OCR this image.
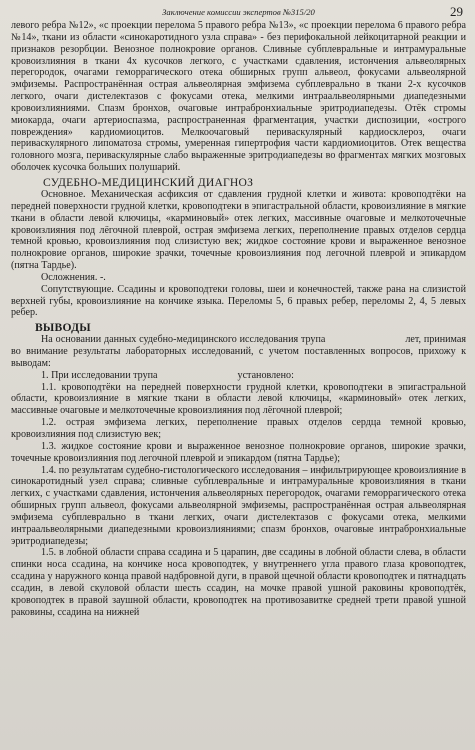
Заключение комиссии экспертов №315/20	29

левого ребра №12», «с проекции перелома 5 правого ребра №13», «с проекции перелома 6 правого ребра №14», ткани из области «синокаротидного узла справа» - без перифокальной лейкоцитарной реакции и признаков резорбции. Венозное полнокровие органов. Сливные субплевральные и интрамуральные кровоизлияния в ткани 4х кусочков легкого, с участками сдавления, истончения альвеолярных перегородок, очагами геморрагического отека обширных групп альвеол, фокусами альвеолярной эмфиземы. Распространённая острая альвеолярная эмфизема субплеврально в ткани 2-х кусочков легкого, очаги дистелектазов с фокусами отека, мелкими интраальвеолярными диапедезными кровоизлияниями. Спазм бронхов, очаговые интрабронхиальные эритродиапедезы. Отёк стромы миокарда, очаги артериоспазма, распространенная фрагментация, участки диспозиции, «острого повреждения» кардиомиоцитов. Мелкоочаговый периваскулярный кардиосклероз, очаги периваскулярного липоматоза стромы, умеренная гипертрофия части кардиомиоцитов. Отек вещества головного мозга, периваскулярные слабо выраженные эритродиапедезы во фрагментах мягких мозговых оболочек кусочка больших полушарий.

СУДЕБНО-МЕДИЦИНСКИЙ ДИАГНОЗ

Основное. Механическая асфиксия от сдавления грудной клетки и живота: кровоподтёки на передней поверхности грудной клетки, кровоподтеки в эпигастральной области, кровоизлияние в мягкие ткани в области левой ключицы, «карминовый» отек легких, массивные очаговые и мелкоточечные кровоизлияния под лёгочной плеврой, острая эмфизема легких, переполнение правых отделов сердца темной кровью, кровоизлияния под слизистую век; жидкое состояние крови и выраженное венозное полнокровие органов, широкие зрачки, точечные кровоизлияния под легочной плеврой и эпикардом (пятна Тардье).

Осложнения. -.

Сопутствующие. Ссадины и кровоподтеки головы, шеи и конечностей, также рана на слизистой верхней губы, кровоизлияние на кончике языка. Переломы 5, 6 правых ребер, переломы 2, 4, 5 левых ребер.

ВЫВОДЫ

На основании данных судебно-медицинского исследования трупа	лет, принимая во внимание результаты лабораторных исследований, с учетом поставленных вопросов, прихожу к выводам:

1. При исследовании трупа	установлено:

1.1. кровоподтёки на передней поверхности грудной клетки, кровоподтеки в эпигастральной области, кровоизлияние в мягкие ткани в области левой ключицы, «карминовый» отек легких, массивные очаговые и мелкоточечные кровоизлияния под лёгочной плеврой;

1.2. острая эмфизема легких, переполнение правых отделов сердца темной кровью, кровоизлияния под слизистую век;

1.3. жидкое состояние крови и выраженное венозное полнокровие органов, широкие зрачки, точечные кровоизлияния под легочной плеврой и эпикардом (пятна Тардье);

1.4. по результатам судебно-гистологического исследования – инфильтрирующее кровоизлияние в синокаротидный узел справа; сливные субплевральные и интрамуральные кровоизлияния в ткани легких, с участками сдавления, истончения альвеолярных перегородок, очагами геморрагического отека обширных групп альвеол, фокусами альвеолярной эмфиземы, распространённая острая альвеолярная эмфизема субплеврально в ткани легких, очаги дистелектазов с фокусами отека, мелкими интраальвеолярными диапедезными кровоизлияниями; спазм бронхов, очаговые интрабронхиальные эритродиапедезы;

1.5. в лобной области справа ссадина и 5 царапин, две ссадины в лобной области слева, в области спинки носа ссадина, на кончике носа кровоподтек, у внутреннего угла правого глаза кровоподтек, ссадина у наружного конца правой надбровной дуги, в правой щечной области кровоподтек и пятнадцать ссадин, в левой скуловой области шесть ссадин, на мочке правой ушной раковины кровоподтёк, кровоподтек в правой заушной области, кровоподтек на противозавитке средней трети правой ушной раковины, ссадина на нижней
